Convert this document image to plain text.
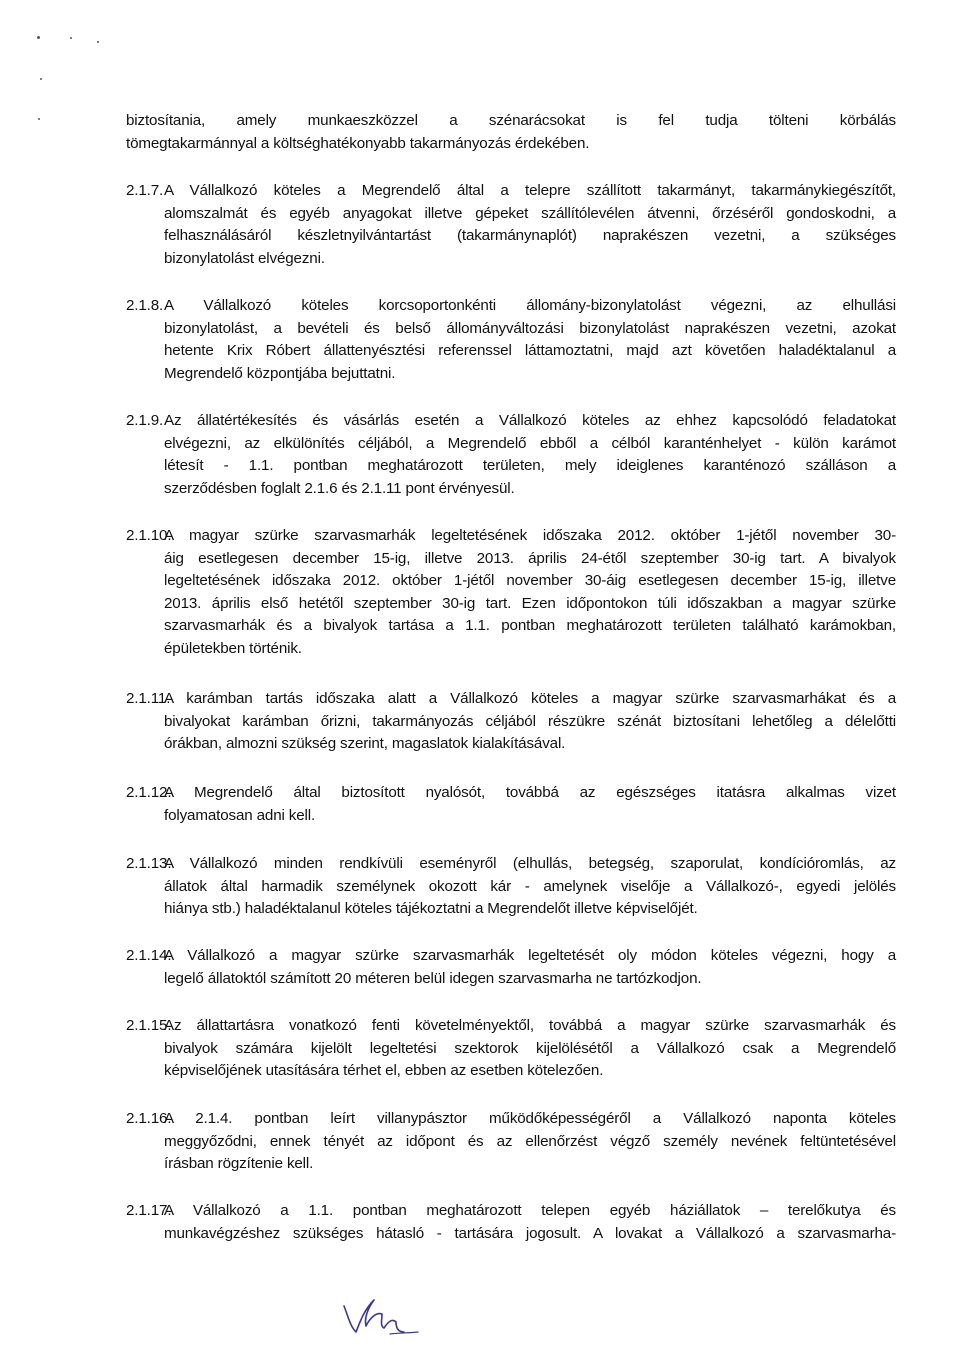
biztosítania, amely munkaeszközzel a szénarácsokat is fel tudja tölteni körbálás
tömegtakarmánnyal a költséghatékonyabb takarmányozás érdekében.
2.1.7. A Vállalkozó köteles a Megrendelő által a telepre szállított takarmányt, takarmánykiegészítőt,
alomszalmát és egyéb anyagokat illetve gépeket szállítólevélen átvenni, őrzéséről gondoskodni, a
felhasználásáról készletnyilvántartást (takarmánynaplót) naprakészen vezetni, a szükséges
bizonylatolást elvégezni.
2.1.8. A Vállalkozó köteles korcsoportonkénti állomány-bizonylatolást végezni, az elhullási
bizonylatolást, a bevételi és belső állományváltozási bizonylatolást naprakészen vezetni, azokat
hetente Krix Róbert állattenyésztési referenssel láttamoztatni, majd azt követően haladéktalanul a
Megrendelő központjába bejuttatni.
2.1.9. Az állatértékesítés és vásárlás esetén a Vállalkozó köteles az ehhez kapcsolódó feladatokat
elvégezni, az elkülönítés céljából, a Megrendelő ebből a célból karanténhelyet - külön karámot
létesít - 1.1. pontban meghatározott területen, mely ideiglenes karanténozó szálláson a
szerződésben foglalt 2.1.6 és 2.1.11 pont érvényesül.
2.1.10.
A magyar szürke szarvasmarhák legeltetésének időszaka 2012. október 1-jétől november 30-
áig esetlegesen december 15-ig, illetve 2013. április 24-étől szeptember 30-ig tart. A bivalyok
legeltetésének időszaka 2012. október 1-jétől november 30-áig esetlegesen december 15-ig, illetve
2013. április első hetétől szeptember 30-ig tart. Ezen időpontokon túli időszakban a magyar szürke
szarvasmarhák és a bivalyok tartása a 1.1. pontban meghatározott területen található karámokban,
épületekben történik.
2.1.11.
A karámban tartás időszaka alatt a Vállalkozó köteles a magyar szürke szarvasmarhákat és a
bivalyokat karámban őrizni, takarmányozás céljából részükre szénát biztosítani lehetőleg a délelőtti
órákban, almozni szükség szerint, magaslatok kialakításával.
2.1.12.
A Megrendelő által biztosított nyalósót, továbbá az egészséges itatásra alkalmas vizet
folyamatosan adni kell.
2.1.13.
A Vállalkozó minden rendkívüli eseményről (elhullás, betegség, szaporulat, kondícióromlás, az
állatok által harmadik személynek okozott kár - amelynek viselője a Vállalkozó-, egyedi jelölés
hiánya stb.) haladéktalanul köteles tájékoztatni a Megrendelőt illetve képviselőjét.
2.1.14.
A Vállalkozó a magyar szürke szarvasmarhák legeltetését oly módon köteles végezni, hogy a
legelő állatoktól számított 20 méteren belül idegen szarvasmarha ne tartózkodjon.
2.1.15.
Az állattartásra vonatkozó fenti követelményektől, továbbá a magyar szürke szarvasmarhák és
bivalyok számára kijelölt legeltetési szektorok kijelölésétől a Vállalkozó csak a Megrendelő
képviselőjének utasítására térhet el, ebben az esetben kötelezően.
2.1.16.
A 2.1.4. pontban leírt villanypásztor működőképességéről a Vállalkozó naponta köteles
meggyőződni, ennek tényét az időpont és az ellenőrzést végző személy nevének feltüntetésével
írásban rögzítenie kell.
2.1.17.
A Vállalkozó a 1.1. pontban meghatározott telepen egyéb háziállatok – terelőkutya és
munkavégzéshez szükséges hátasló - tartására jogosult. A lovakat a Vállalkozó a szarvasmarha-
